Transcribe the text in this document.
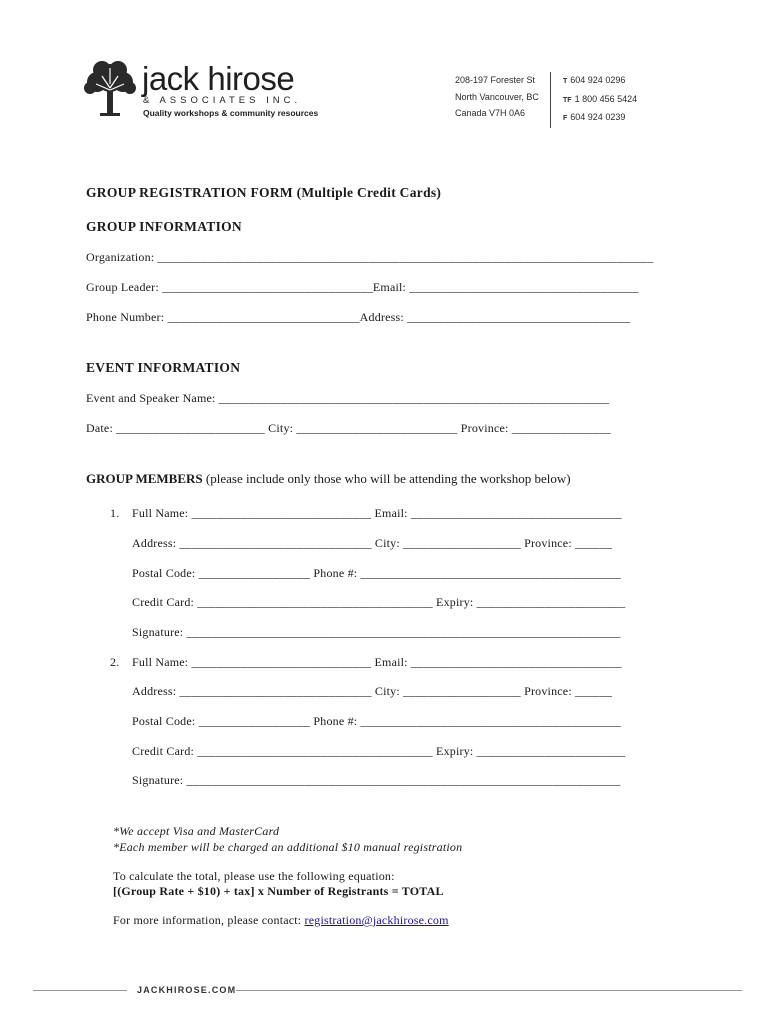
jack hirose
& ASSOCIATES INC.
Quality workshops & community resources
208-197 Forester St
North Vancouver, BC
Canada V7H 0A6
T 604 924 0296
TF 1 800 456 5424
F 604 924 0239
GROUP REGISTRATION FORM (Multiple Credit Cards)
GROUP INFORMATION
Organization: ________________________________________________________________________________
Group Leader: __________________________________Email: _____________________________________
Phone Number: _______________________________Address: ____________________________________
EVENT INFORMATION
Event and Speaker Name: _______________________________________________________________
Date: ________________________ City: __________________________ Province: ________________
GROUP MEMBERS (please include only those who will be attending the workshop below)
1. Full Name: _____________________________ Email: __________________________________
Address: _______________________________ City: ___________________ Province: ______
Postal Code: __________________ Phone #: __________________________________________
Credit Card: ______________________________________ Expiry: ________________________
Signature: ______________________________________________________________________
2. Full Name: _____________________________ Email: __________________________________
Address: _______________________________ City: ___________________ Province: ______
Postal Code: __________________ Phone #: __________________________________________
Credit Card: ______________________________________ Expiry: ________________________
Signature: ______________________________________________________________________
*We accept Visa and MasterCard
*Each member will be charged an additional $10 manual registration
To calculate the total, please use the following equation:
[(Group Rate + $10) + tax] x Number of Registrants = TOTAL
For more information, please contact: registration@jackhirose.com
JACKHIROSE.COM
